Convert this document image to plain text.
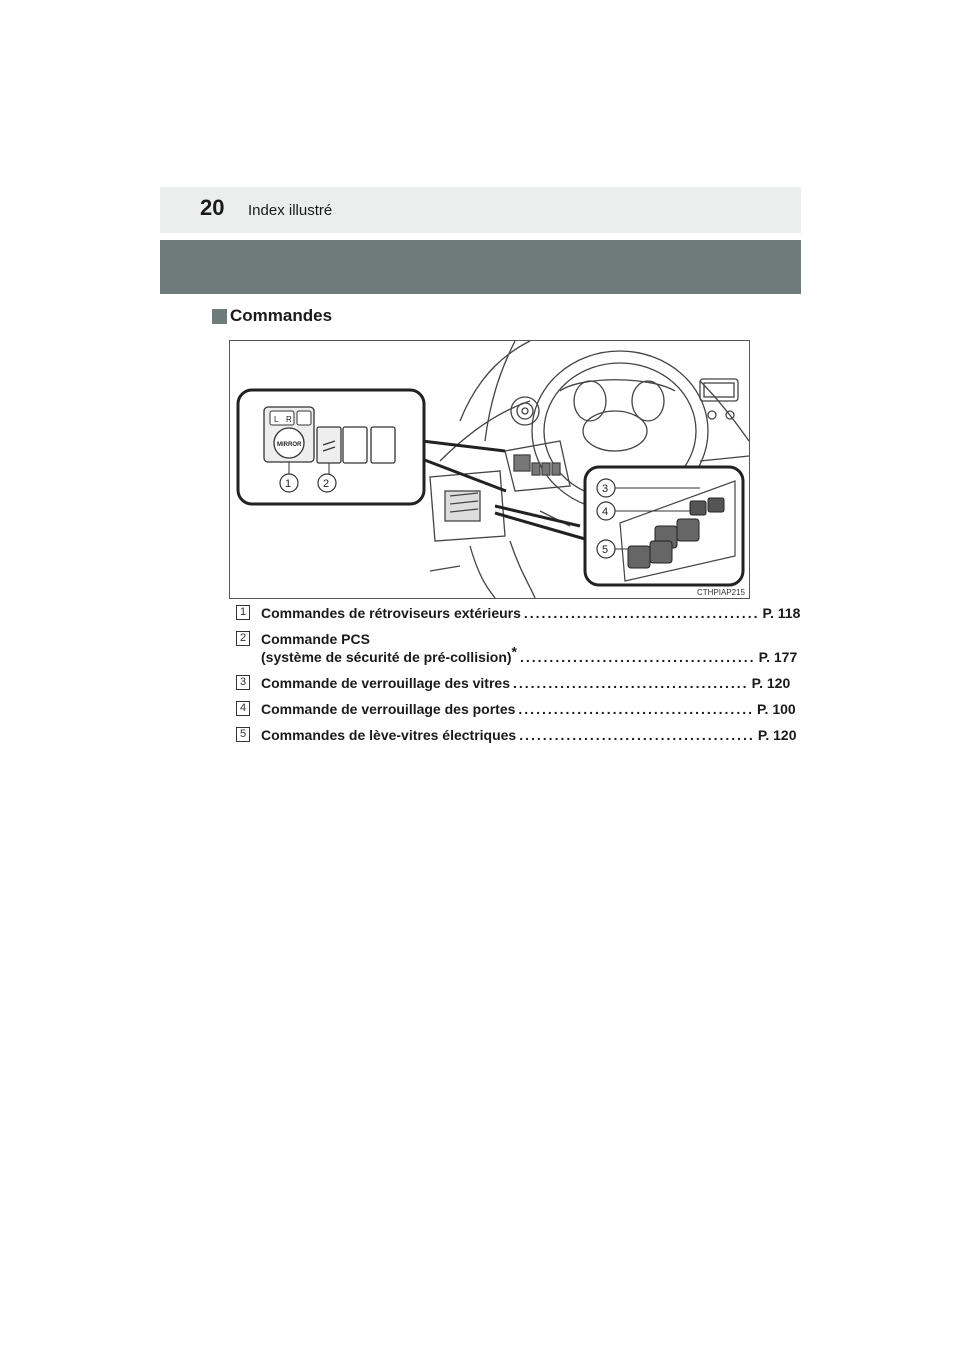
20 Index illustré
Commandes
L R
MIRROR
1	2	3
4
5
CTHPIAP215
1 Commandes de rétroviseurs extérieurs ........................................ P. 118
2 Commande PCS
(système de sécurité de pré-collision)* ........................................ P. 177
3 Commande de verrouillage des vitres ........................................ P. 120
4 Commande de verrouillage des portes ........................................ P. 100
5 Commandes de lève-vitres électriques ........................................ P. 120
